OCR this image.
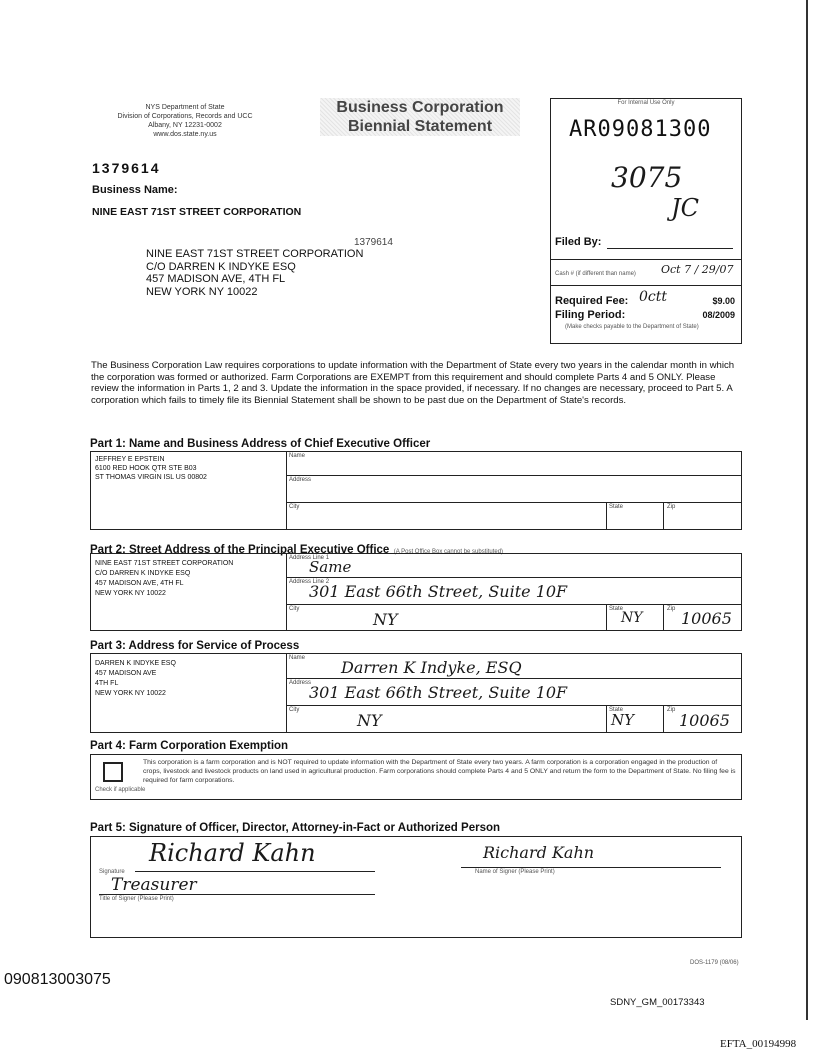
NYS Department of State
Division of Corporations, Records and UCC
Albany, NY 12231-0002
www.dos.state.ny.us
Business Corporation
Biennial Statement
For Internal Use Only
AR09081300
3075
JC
Filed By:
Cash # (if different than name) Oct 7 / 29/07
Required Fee: 0ctt	$9.00
Filing Period:	08/2009
(Make checks payable to the Department of State)
1379614
Business Name:
NINE EAST 71ST STREET CORPORATION
1379614
NINE EAST 71ST STREET CORPORATION
C/O DARREN K INDYKE ESQ
457 MADISON AVE, 4TH FL
NEW YORK NY 10022
The Business Corporation Law requires corporations to update information with the Department of State every two years in the calendar month in which the corporation was formed or authorized. Farm Corporations are EXEMPT from this requirement and should complete Parts 4 and 5 ONLY. Please review the information in Parts 1, 2 and 3. Update the information in the space provided, if necessary. If no changes are necessary, proceed to Part 5. A corporation which fails to timely file its Biennial Statement shall be shown to be past due on the Department of State's records.
Part 1: Name and Business Address of Chief Executive Officer
JEFFREY E EPSTEIN
6100 RED HOOK QTR STE B03
ST THOMAS VIRGIN ISL US 00802
Name
Address
City	State	Zip
Part 2: Street Address of the Principal Executive Office (A Post Office Box cannot be substituted)
NINE EAST 71ST STREET CORPORATION
C/O DARREN K INDYKE ESQ
457 MADISON AVE, 4TH FL
NEW YORK NY 10022
Address Line 1
Same
Address Line 2
301 East 66th Street, Suite 10F
City
NY
State
NY
Zip 10065
Part 3: Address for Service of Process
DARREN K INDYKE ESQ
457 MADISON AVE
4TH FL
NEW YORK NY 10022
Name Darren K Indyke, ESQ
Address
301 East 66th Street, Suite 10F
City
NY
State
NY
Zip
10065
Part 4: Farm Corporation Exemption
Check if applicable
This corporation is a farm corporation and is NOT required to update information with the Department of State every two years. A farm corporation is a corporation engaged in the production of crops, livestock and livestock products on land used in agricultural production. Farm corporations should complete Parts 4 and 5 ONLY and return the form to the Department of State. No filing fee is required for farm corporations.
Part 5: Signature of Officer, Director, Attorney-in-Fact or Authorized Person
Richard Kahn
Signature
Richard Kahn
Name of Signer (Please Print)
Treasurer
Title of Signer (Please Print)
DOS-1179 (08/06)
090813003075
SDNY_GM_00173343
EFTA_00194998
